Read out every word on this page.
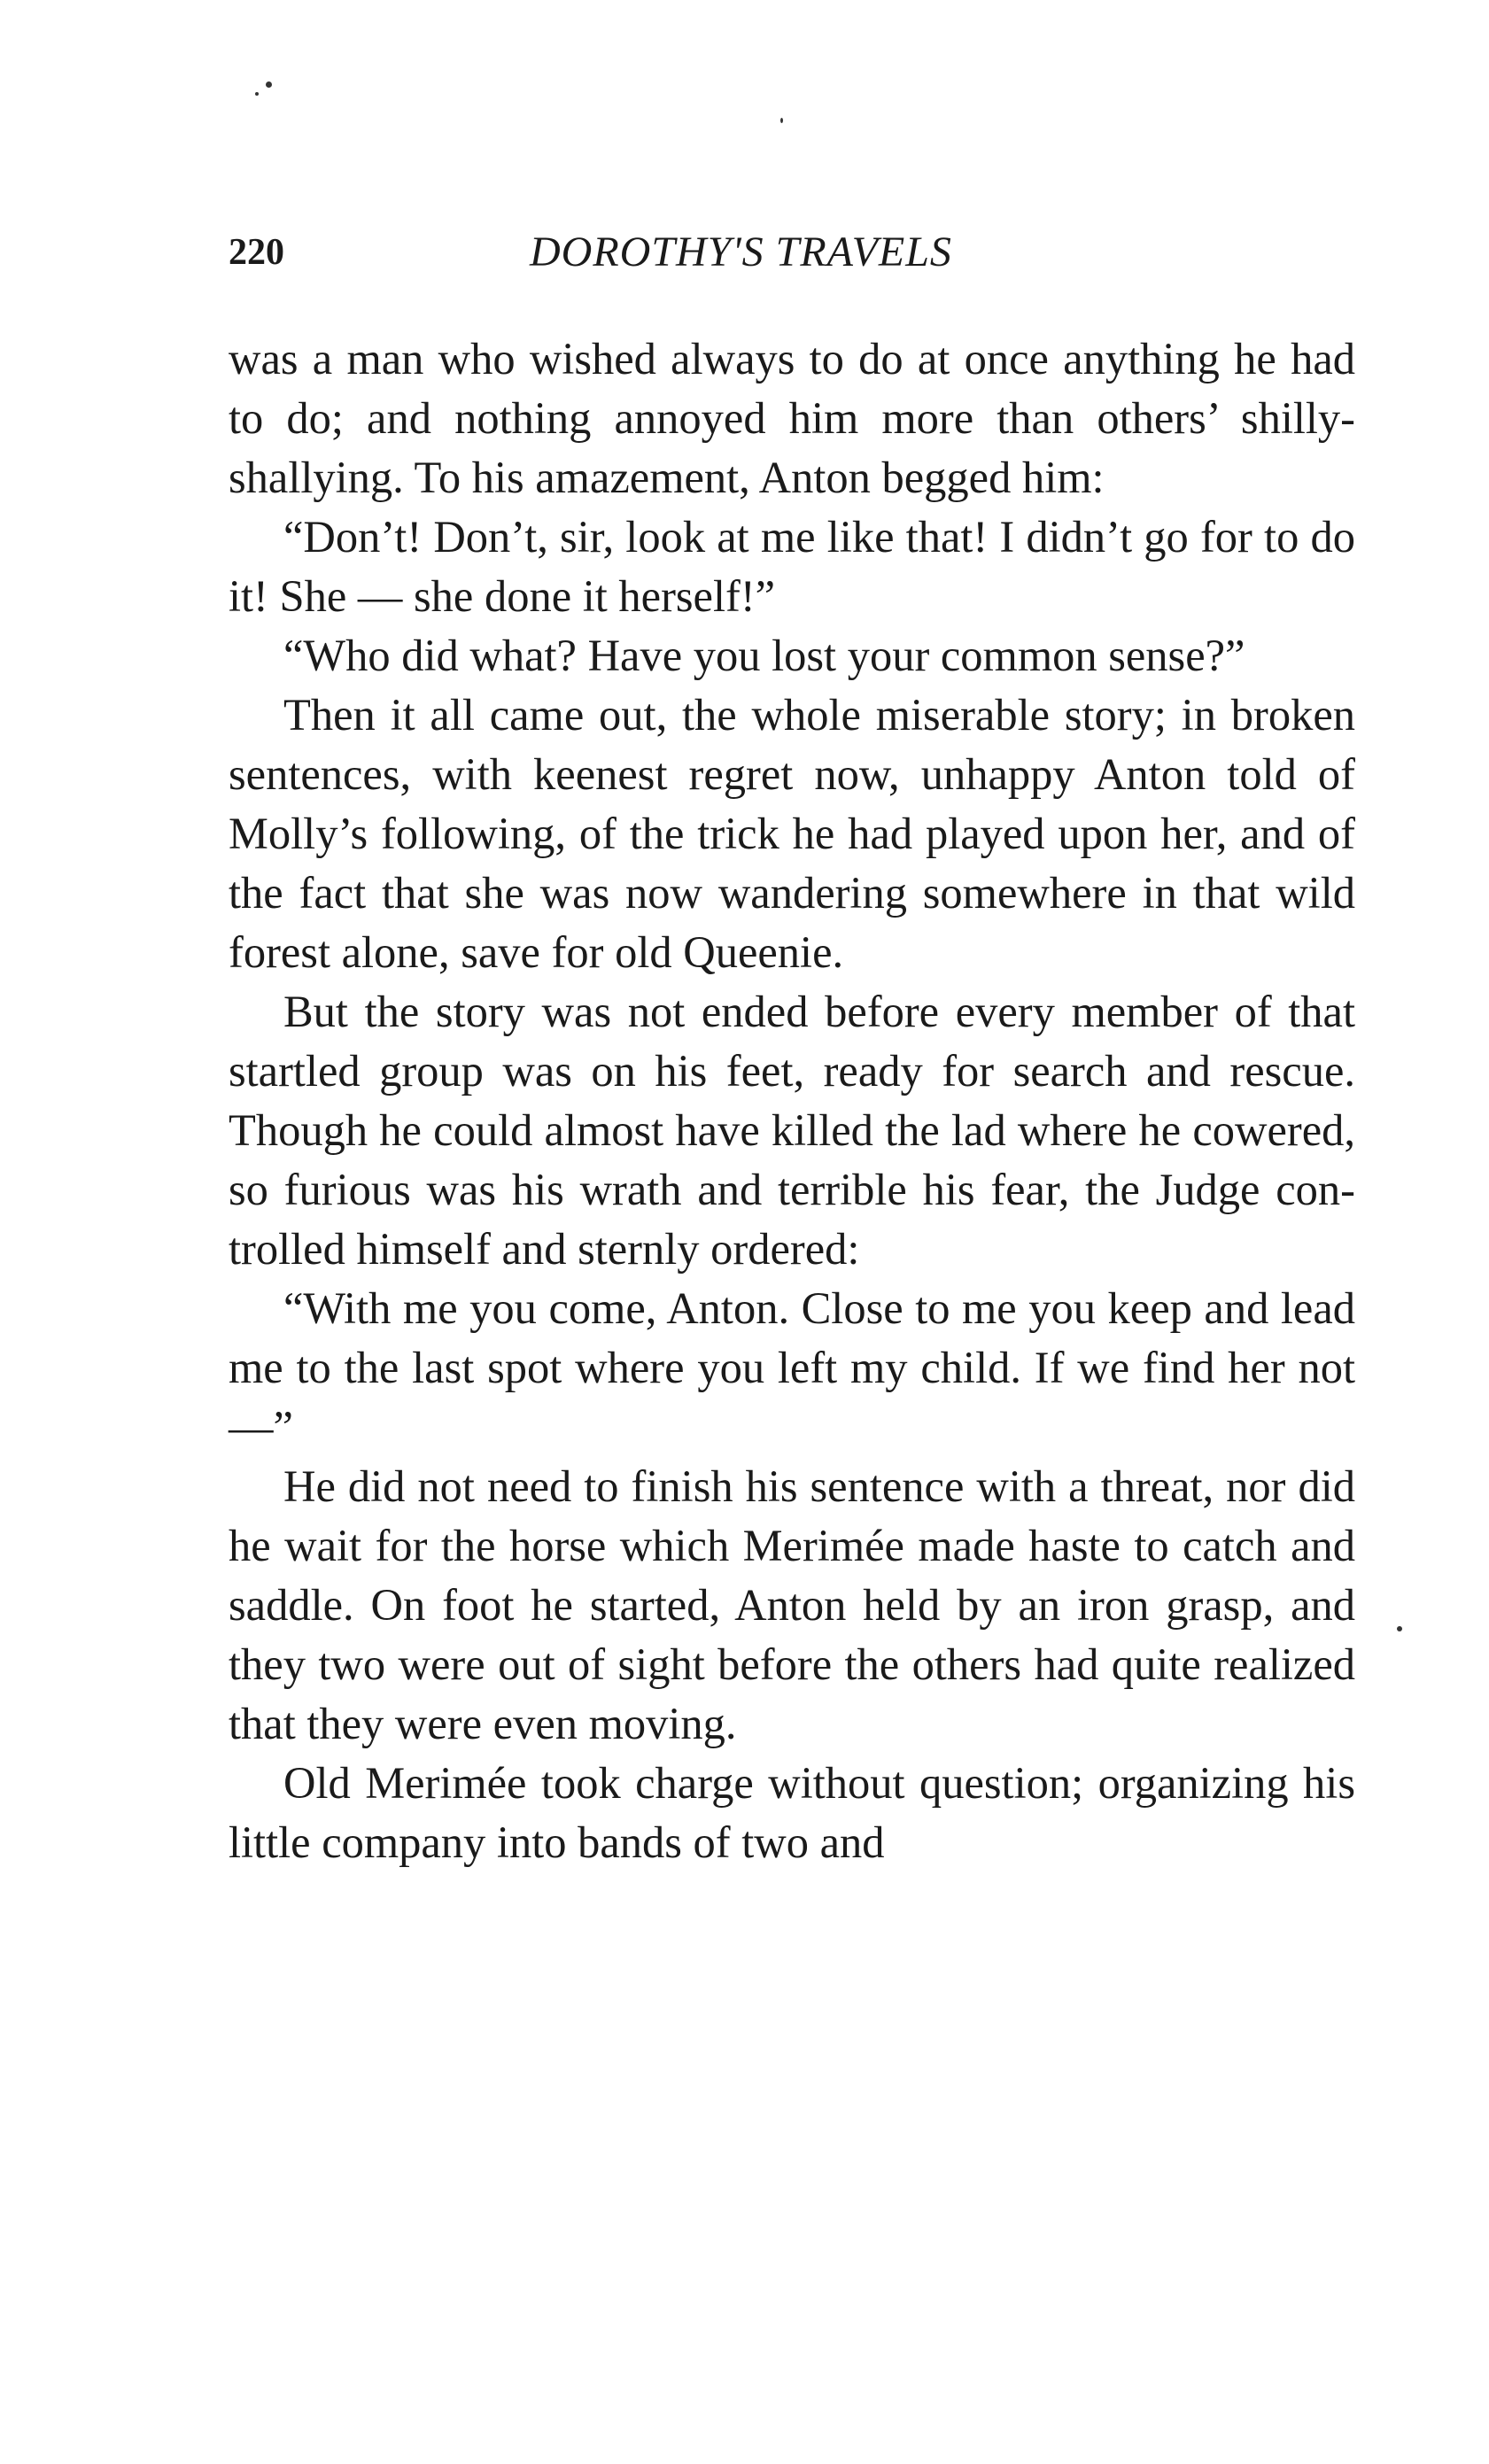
220	DOROTHY'S TRAVELS

was a man who wished always to do at once anything he had to do; and nothing annoyed him more than others’ shilly-shallying. To his amazement, Anton begged him:

“Don’t! Don’t, sir, look at me like that! I didn’t go for to do it! She — she done it herself!”

“Who did what? Have you lost your common sense?”

Then it all came out, the whole miserable story; in broken sentences, with keenest regret now, unhappy Anton told of Molly’s following, of the trick he had played upon her, and of the fact that she was now wandering somewhere in that wild forest alone, save for old Queenie.

But the story was not ended before every member of that startled group was on his feet, ready for search and rescue. Though he could almost have killed the lad where he cowered, so furious was his wrath and terrible his fear, the Judge controlled himself and sternly ordered:

“With me you come, Anton. Close to me you keep and lead me to the last spot where you left my child. If we find her not —”

He did not need to finish his sentence with a threat, nor did he wait for the horse which Merimée made haste to catch and saddle. On foot he started, Anton held by an iron grasp, and they two were out of sight before the others had quite realized that they were even moving.

Old Merimée took charge without question; organizing his little company into bands of two and
